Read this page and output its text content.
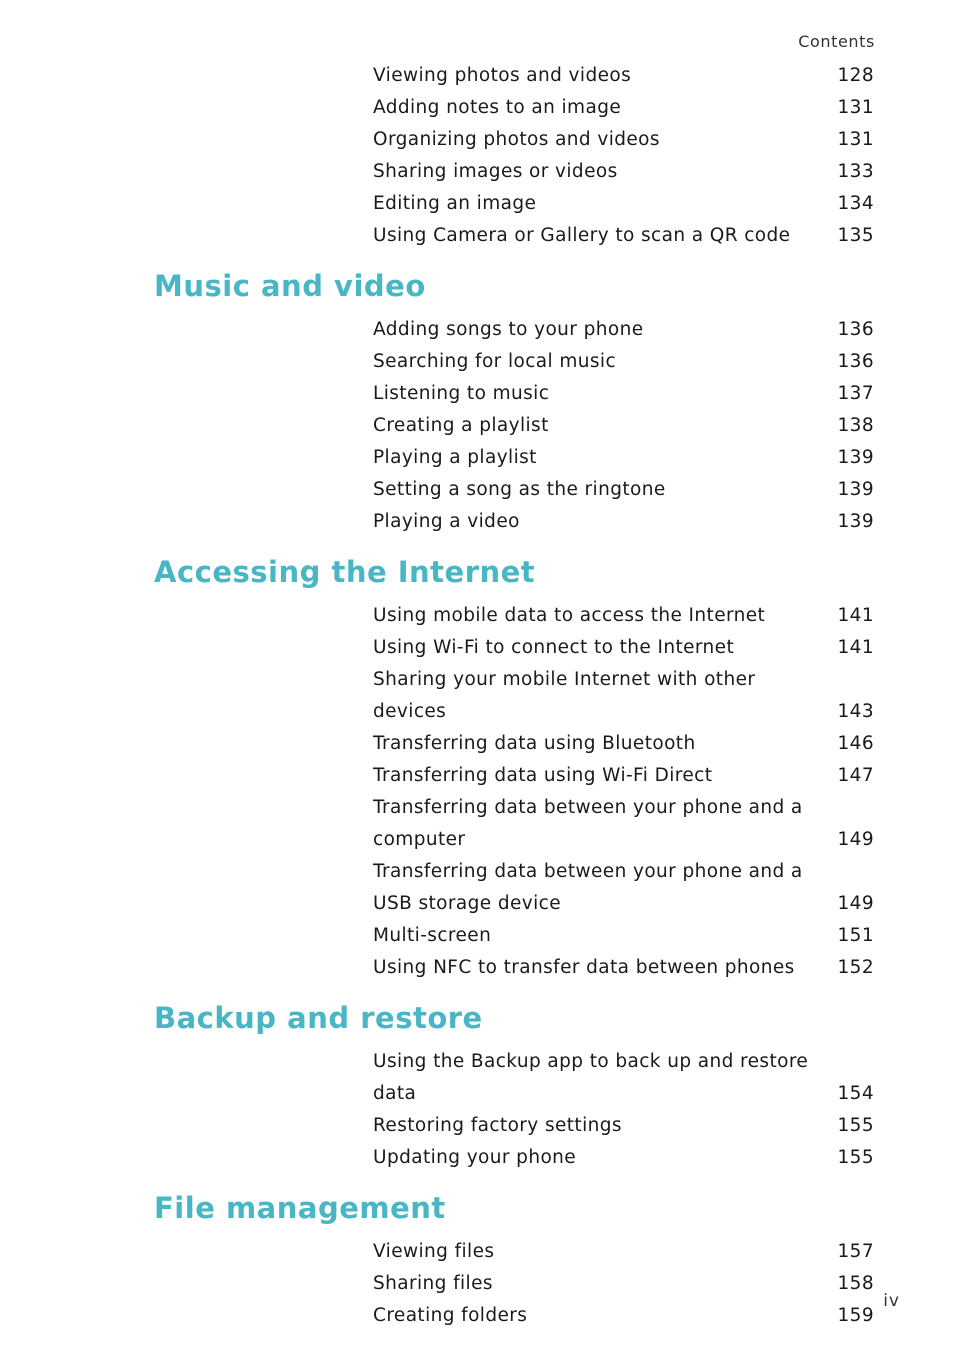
Contents
Viewing photos and videos	128
Adding notes to an image	131
Organizing photos and videos	131
Sharing images or videos	133
Editing an image	134
Using Camera or Gallery to scan a QR code	135
Music and video
Adding songs to your phone	136
Searching for local music	136
Listening to music	137
Creating a playlist	138
Playing a playlist	139
Setting a song as the ringtone	139
Playing a video	139
Accessing the Internet
Using mobile data to access the Internet	141
Using Wi-Fi to connect to the Internet	141
Sharing your mobile Internet with other devices	143
Transferring data using Bluetooth	146
Transferring data using Wi-Fi Direct	147
Transferring data between your phone and a computer	149
Transferring data between your phone and a USB storage device	149
Multi-screen	151
Using NFC to transfer data between phones	152
Backup and restore
Using the Backup app to back up and restore data	154
Restoring factory settings	155
Updating your phone	155
File management
Viewing files	157
Sharing files	158
Creating folders	159
iv
